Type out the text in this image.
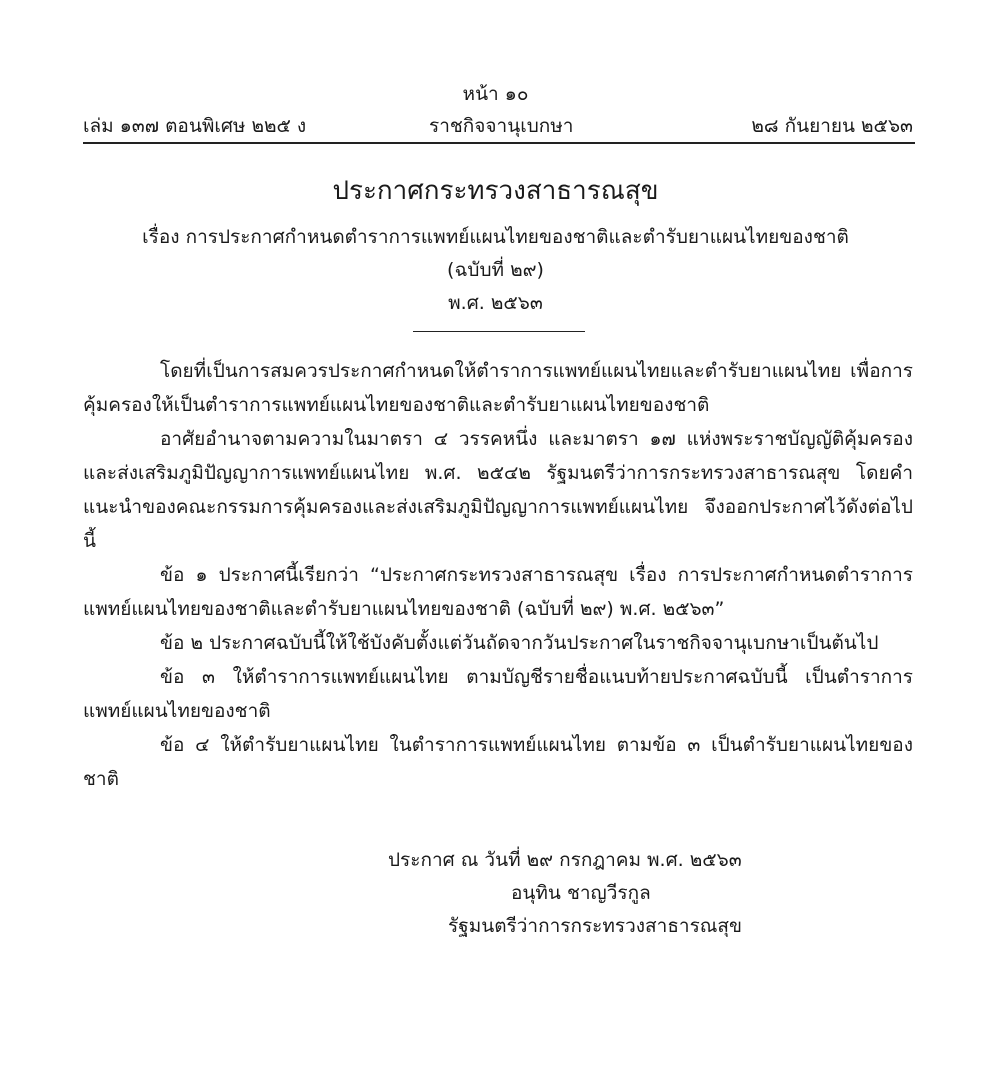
หน้า ๑๐
เล่ม ๑๓๗ ตอนพิเศษ ๒๒๕ ง	ราชกิจจานุเบกษา	๒๘ กันยายน ๒๕๖๓
ประกาศกระทรวงสาธารณสุข
เรื่อง การประกาศกำหนดตำราการแพทย์แผนไทยของชาติและตำรับยาแผนไทยของชาติ
(ฉบับที่ ๒๙)
พ.ศ. ๒๕๖๓

โดยที่เป็นการสมควรประกาศกำหนดให้ตำราการแพทย์แผนไทยและตำรับยาแผนไทย เพื่อการคุ้มครองให้เป็นตำราการแพทย์แผนไทยของชาติและตำรับยาแผนไทยของชาติ

อาศัยอำนาจตามความในมาตรา ๔ วรรคหนึ่ง และมาตรา ๑๗ แห่งพระราชบัญญัติคุ้มครองและส่งเสริมภูมิปัญญาการแพทย์แผนไทย พ.ศ. ๒๕๔๒ รัฐมนตรีว่าการกระทรวงสาธารณสุข โดยคำแนะนำของคณะกรรมการคุ้มครองและส่งเสริมภูมิปัญญาการแพทย์แผนไทย จึงออกประกาศไว้ดังต่อไปนี้

ข้อ ๑ ประกาศนี้เรียกว่า “ประกาศกระทรวงสาธารณสุข เรื่อง การประกาศกำหนดตำราการแพทย์แผนไทยของชาติและตำรับยาแผนไทยของชาติ (ฉบับที่ ๒๙) พ.ศ. ๒๕๖๓”

ข้อ ๒ ประกาศฉบับนี้ให้ใช้บังคับตั้งแต่วันถัดจากวันประกาศในราชกิจจานุเบกษาเป็นต้นไป

ข้อ ๓ ให้ตำราการแพทย์แผนไทย ตามบัญชีรายชื่อแนบท้ายประกาศฉบับนี้ เป็นตำราการแพทย์แผนไทยของชาติ

ข้อ ๔ ให้ตำรับยาแผนไทย ในตำราการแพทย์แผนไทย ตามข้อ ๓ เป็นตำรับยาแผนไทยของชาติ

ประกาศ ณ วันที่ ๒๙ กรกฎาคม พ.ศ. ๒๕๖๓
อนุทิน ชาญวีรกูล
รัฐมนตรีว่าการกระทรวงสาธารณสุข
